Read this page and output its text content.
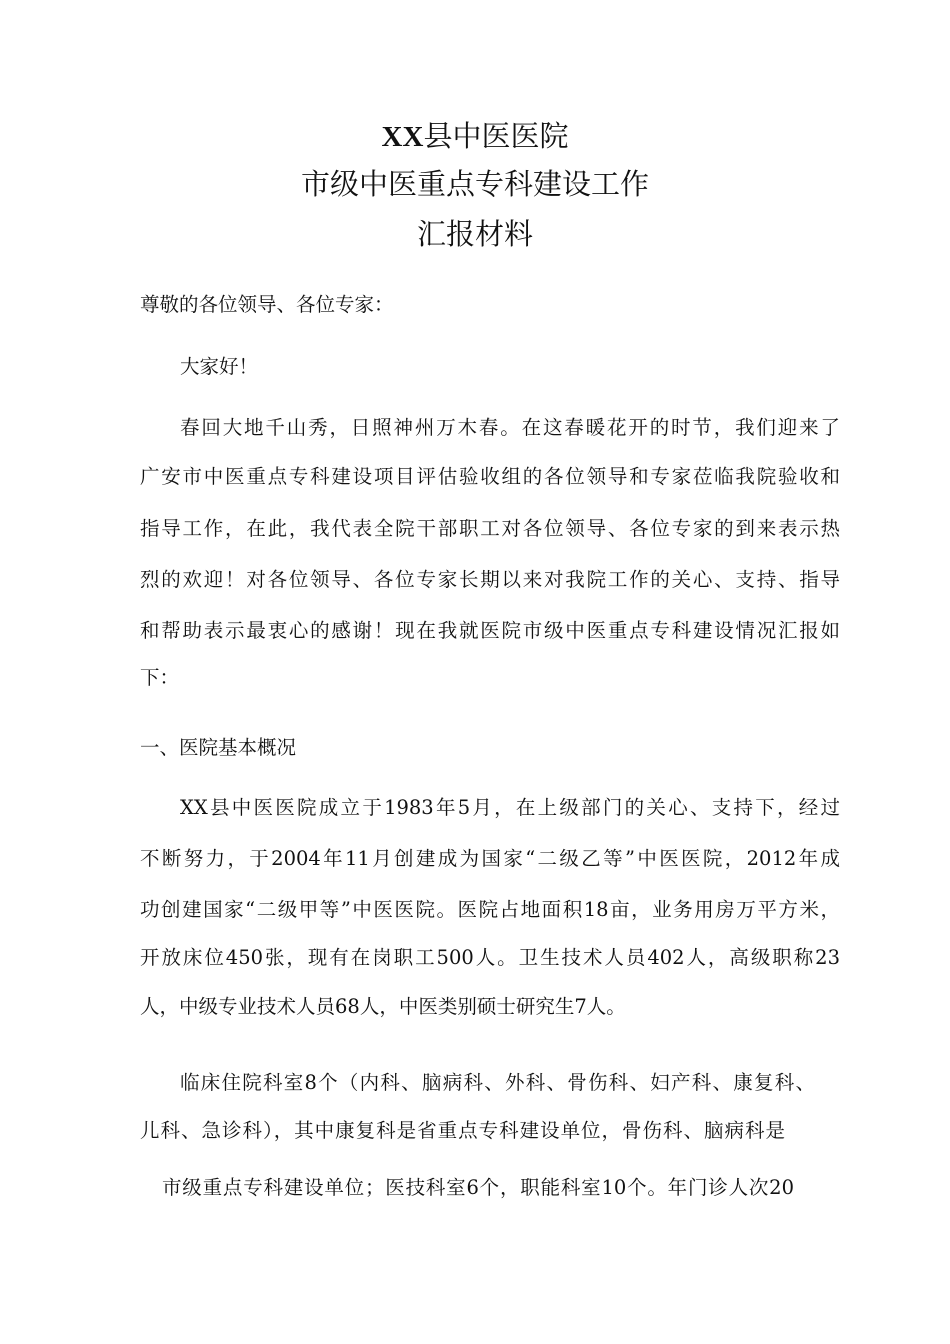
XX县中医医院
市级中医重点专科建设工作
汇报材料
尊敬的各位领导、各位专家：
大家好！
春回大地千山秀，日照神州万木春。在这春暖花开的时节，我们迎来了
广安市中医重点专科建设项目评估验收组的各位领导和专家莅临我院验收和
指导工作，在此，我代表全院干部职工对各位领导、各位专家的到来表示热
烈的欢迎！对各位领导、各位专家长期以来对我院工作的关心、支持、指导
和帮助表示最衷心的感谢！现在我就医院市级中医重点专科建设情况汇报如
下：
一、医院基本概况
XX县中医医院成立于1983年5月，在上级部门的关心、支持下，经过
不断努力，于2004年11月创建成为国家“二级乙等”中医医院，2012年成
功创建国家“二级甲等”中医医院。医院占地面积18亩，业务用房万平方米，
开放床位450张，现有在岗职工500人。卫生技术人员402人，高级职称23
人，中级专业技术人员68人，中医类别硕士研究生7人。
临床住院科室8个（内科、脑病科、外科、骨伤科、妇产科、康复科、
儿科、急诊科），其中康复科是省重点专科建设单位，骨伤科、脑病科是
市级重点专科建设单位；医技科室6个，职能科室10个。年门诊人次20
